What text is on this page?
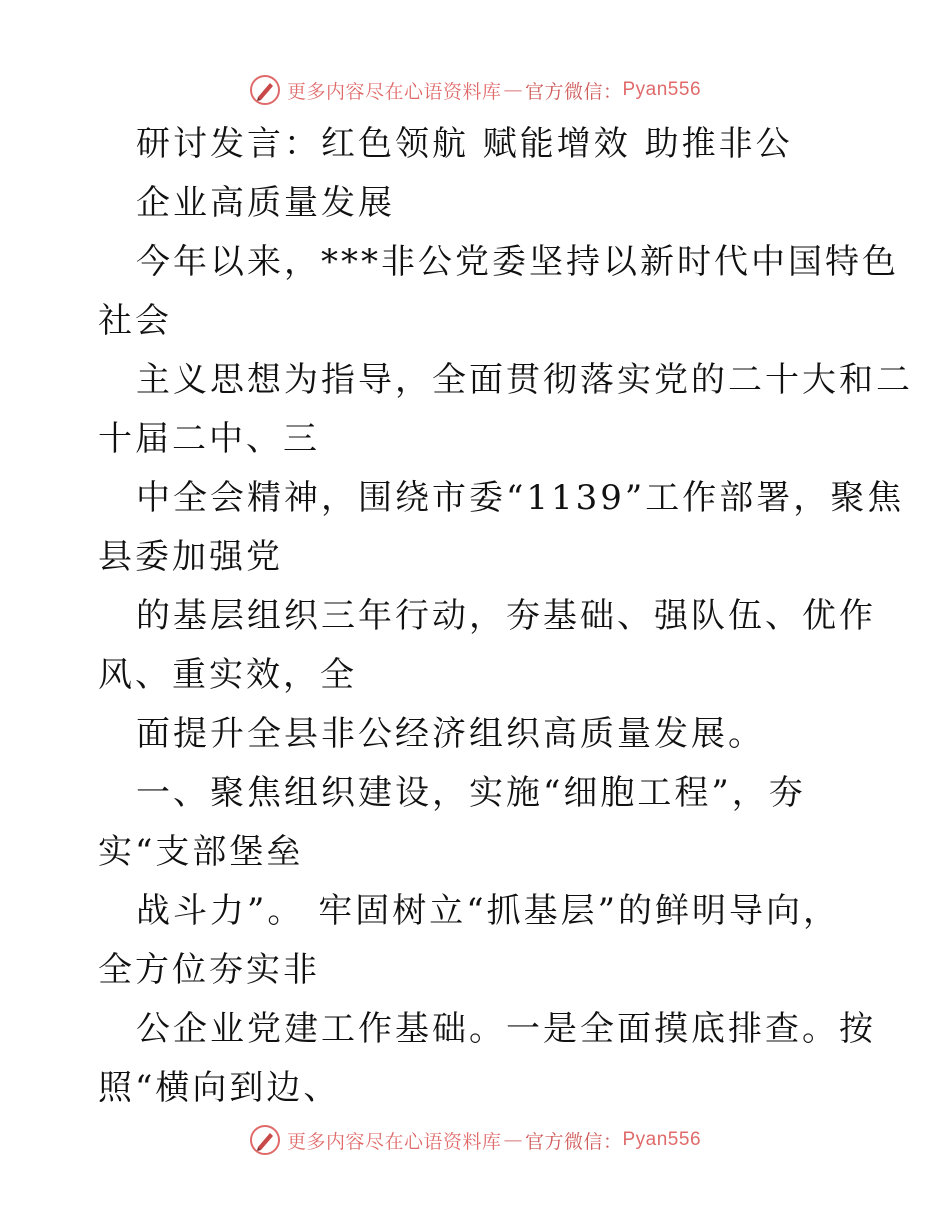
更多内容尽在心语资料库 — 官方微信： Pyan556
研讨发言：红色领航 赋能增效 助推非公
企业高质量发展
今年以来，***非公党委坚持以新时代中国特色
社会
主义思想为指导，全面贯彻落实党的二十大和二
十届二中、三
中全会精神，围绕市委“1139”工作部署，聚焦
县委加强党
的基层组织三年行动，夯基础、强队伍、优作
风、重实效，全
面提升全县非公经济组织高质量发展。
一、聚焦组织建设，实施“细胞工程”，夯
实“支部堡垒
战斗力”。 牢固树立“抓基层”的鲜明导向，
全方位夯实非
公企业党建工作基础。一是全面摸底排查。按
照“横向到边、
更多内容尽在心语资料库 — 官方微信： Pyan556
